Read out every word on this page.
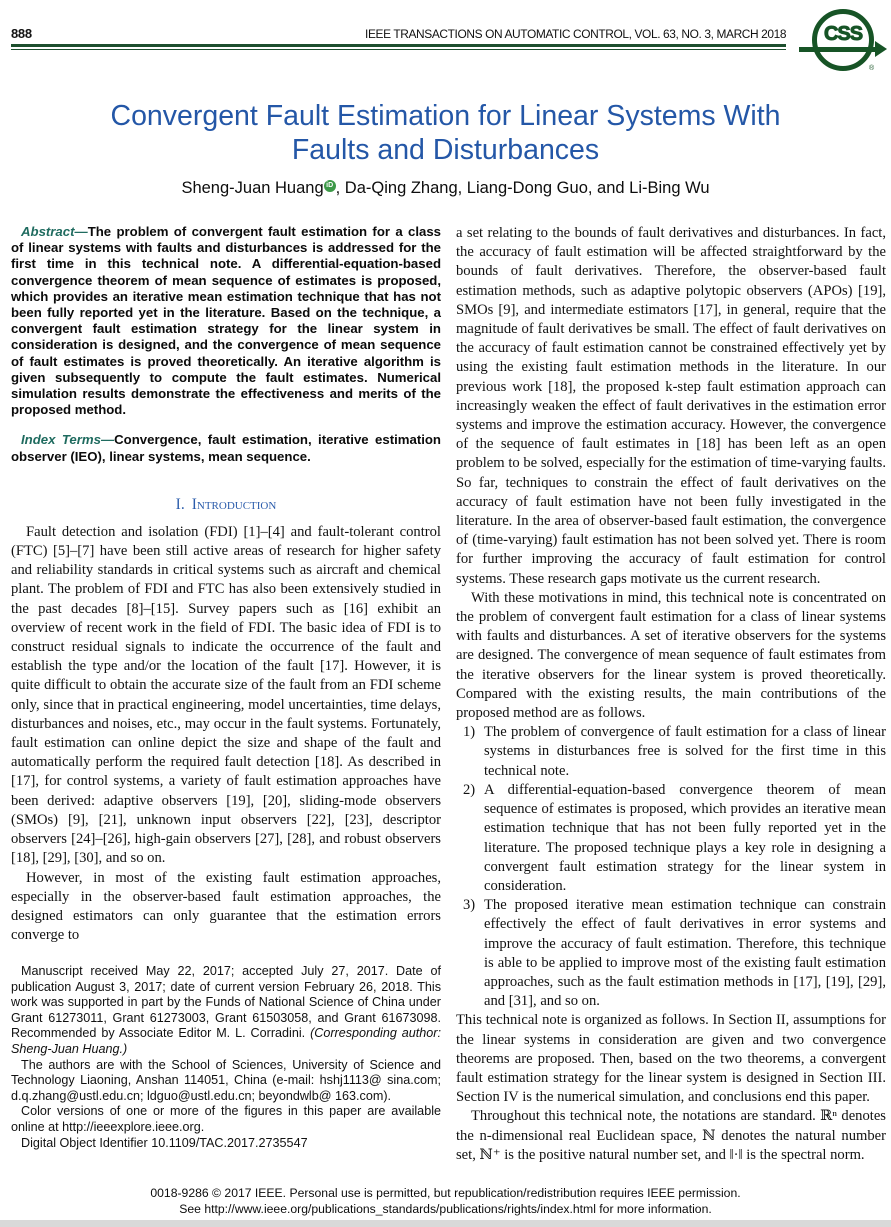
888	IEEE TRANSACTIONS ON AUTOMATIC CONTROL, VOL. 63, NO. 3, MARCH 2018	CSS
®
Convergent Fault Estimation for Linear Systems With
Faults and Disturbances
Sheng-Juan Huang iD , Da-Qing Zhang, Liang-Dong Guo, and Li-Bing Wu

Abstract—The problem of convergent fault estimation for a class of linear systems with faults and disturbances is addressed for the first time in this technical note. A differential-equation-based convergence theorem of mean sequence of estimates is proposed, which provides an iterative mean estimation technique that has not been fully reported yet in the literature. Based on the technique, a convergent fault estimation strategy for the linear system in consideration is designed, and the convergence of mean sequence of fault estimates is proved theoretically. An iterative algorithm is given subsequently to compute the fault estimates. Numerical simulation results demonstrate the effectiveness and merits of the proposed method.

Index Terms—Convergence, fault estimation, iterative estimation observer (IEO), linear systems, mean sequence.

I. Introduction

Fault detection and isolation (FDI) [1]–[4] and fault-tolerant control (FTC) [5]–[7] have been still active areas of research for higher safety and reliability standards in critical systems such as aircraft and chemical plant. The problem of FDI and FTC has also been extensively studied in the past decades [8]–[15]. Survey papers such as [16] exhibit an overview of recent work in the field of FDI. The basic idea of FDI is to construct residual signals to indicate the occurrence of the fault and establish the type and/or the location of the fault [17]. However, it is quite difficult to obtain the accurate size of the fault from an FDI scheme only, since that in practical engineering, model uncertainties, time delays, disturbances and noises, etc., may occur in the fault systems. Fortunately, fault estimation can online depict the size and shape of the fault and automatically perform the required fault detection [18]. As described in [17], for control systems, a variety of fault estimation approaches have been derived: adaptive observers [19], [20], sliding-mode observers (SMOs) [9], [21], unknown input observers [22], [23], descriptor observers [24]–[26], high-gain observers [27], [28], and robust observers [18], [29], [30], and so on.

However, in most of the existing fault estimation approaches, especially in the observer-based fault estimation approaches, the designed estimators can only guarantee that the estimation errors converge to

Manuscript received May 22, 2017; accepted July 27, 2017. Date of publication August 3, 2017; date of current version February 26, 2018. This work was supported in part by the Funds of National Science of China under Grant 61273011, Grant 61273003, Grant 61503058, and Grant 61673098. Recommended by Associate Editor M. L. Corradini. (Corresponding author: Sheng-Juan Huang.)

The authors are with the School of Sciences, University of Science and Technology Liaoning, Anshan 114051, China (e-mail: hshj1113@ sina.com; d.q.zhang@ustl.edu.cn; ldguo@ustl.edu.cn; beyondwlb@ 163.com).

Color versions of one or more of the figures in this paper are available online at http://ieeexplore.ieee.org.

Digital Object Identifier 10.1109/TAC.2017.2735547

a set relating to the bounds of fault derivatives and disturbances. In fact, the accuracy of fault estimation will be affected straightforward by the bounds of fault derivatives. Therefore, the observer-based fault estimation methods, such as adaptive polytopic observers (APOs) [19], SMOs [9], and intermediate estimators [17], in general, require that the magnitude of fault derivatives be small. The effect of fault derivatives on the accuracy of fault estimation cannot be constrained effectively yet by using the existing fault estimation methods in the literature. In our previous work [18], the proposed k-step fault estimation approach can increasingly weaken the effect of fault derivatives in the estimation error systems and improve the estimation accuracy. However, the convergence of the sequence of fault estimates in [18] has been left as an open problem to be solved, especially for the estimation of time-varying faults. So far, techniques to constrain the effect of fault derivatives on the accuracy of fault estimation have not been fully investigated in the literature. In the area of observer-based fault estimation, the convergence of (time-varying) fault estimation has not been solved yet. There is room for further improving the accuracy of fault estimation for control systems. These research gaps motivate us the current research.

With these motivations in mind, this technical note is concentrated on the problem of convergent fault estimation for a class of linear systems with faults and disturbances. A set of iterative observers for the systems are designed. The convergence of mean sequence of fault estimates from the iterative observers for the linear system is proved theoretically. Compared with the existing results, the main contributions of the proposed method are as follows.

1) The problem of convergence of fault estimation for a class of linear systems in disturbances free is solved for the first time in this technical note.
2) A differential-equation-based convergence theorem of mean sequence of estimates is proposed, which provides an iterative mean estimation technique that has not been fully reported yet in the literature. The proposed technique plays a key role in designing a convergent fault estimation strategy for the linear system in consideration.
3) The proposed iterative mean estimation technique can constrain effectively the effect of fault derivatives in error systems and improve the accuracy of fault estimation. Therefore, this technique is able to be applied to improve most of the existing fault estimation approaches, such as the fault estimation methods in [17], [19], [29], and [31], and so on.

This technical note is organized as follows. In Section II, assumptions for the linear systems in consideration are given and two convergence theorems are proposed. Then, based on the two theorems, a convergent fault estimation strategy for the linear system is designed in Section III. Section IV is the numerical simulation, and conclusions end this paper.

Throughout this technical note, the notations are standard. ℝⁿ denotes the n-dimensional real Euclidean space, ℕ denotes the natural number set, ℕ⁺ is the positive natural number set, and ‖·‖ is the spectral norm.

0018-9286 © 2017 IEEE. Personal use is permitted, but republication/redistribution requires IEEE permission.
See http://www.ieee.org/publications_standards/publications/rights/index.html for more information.
